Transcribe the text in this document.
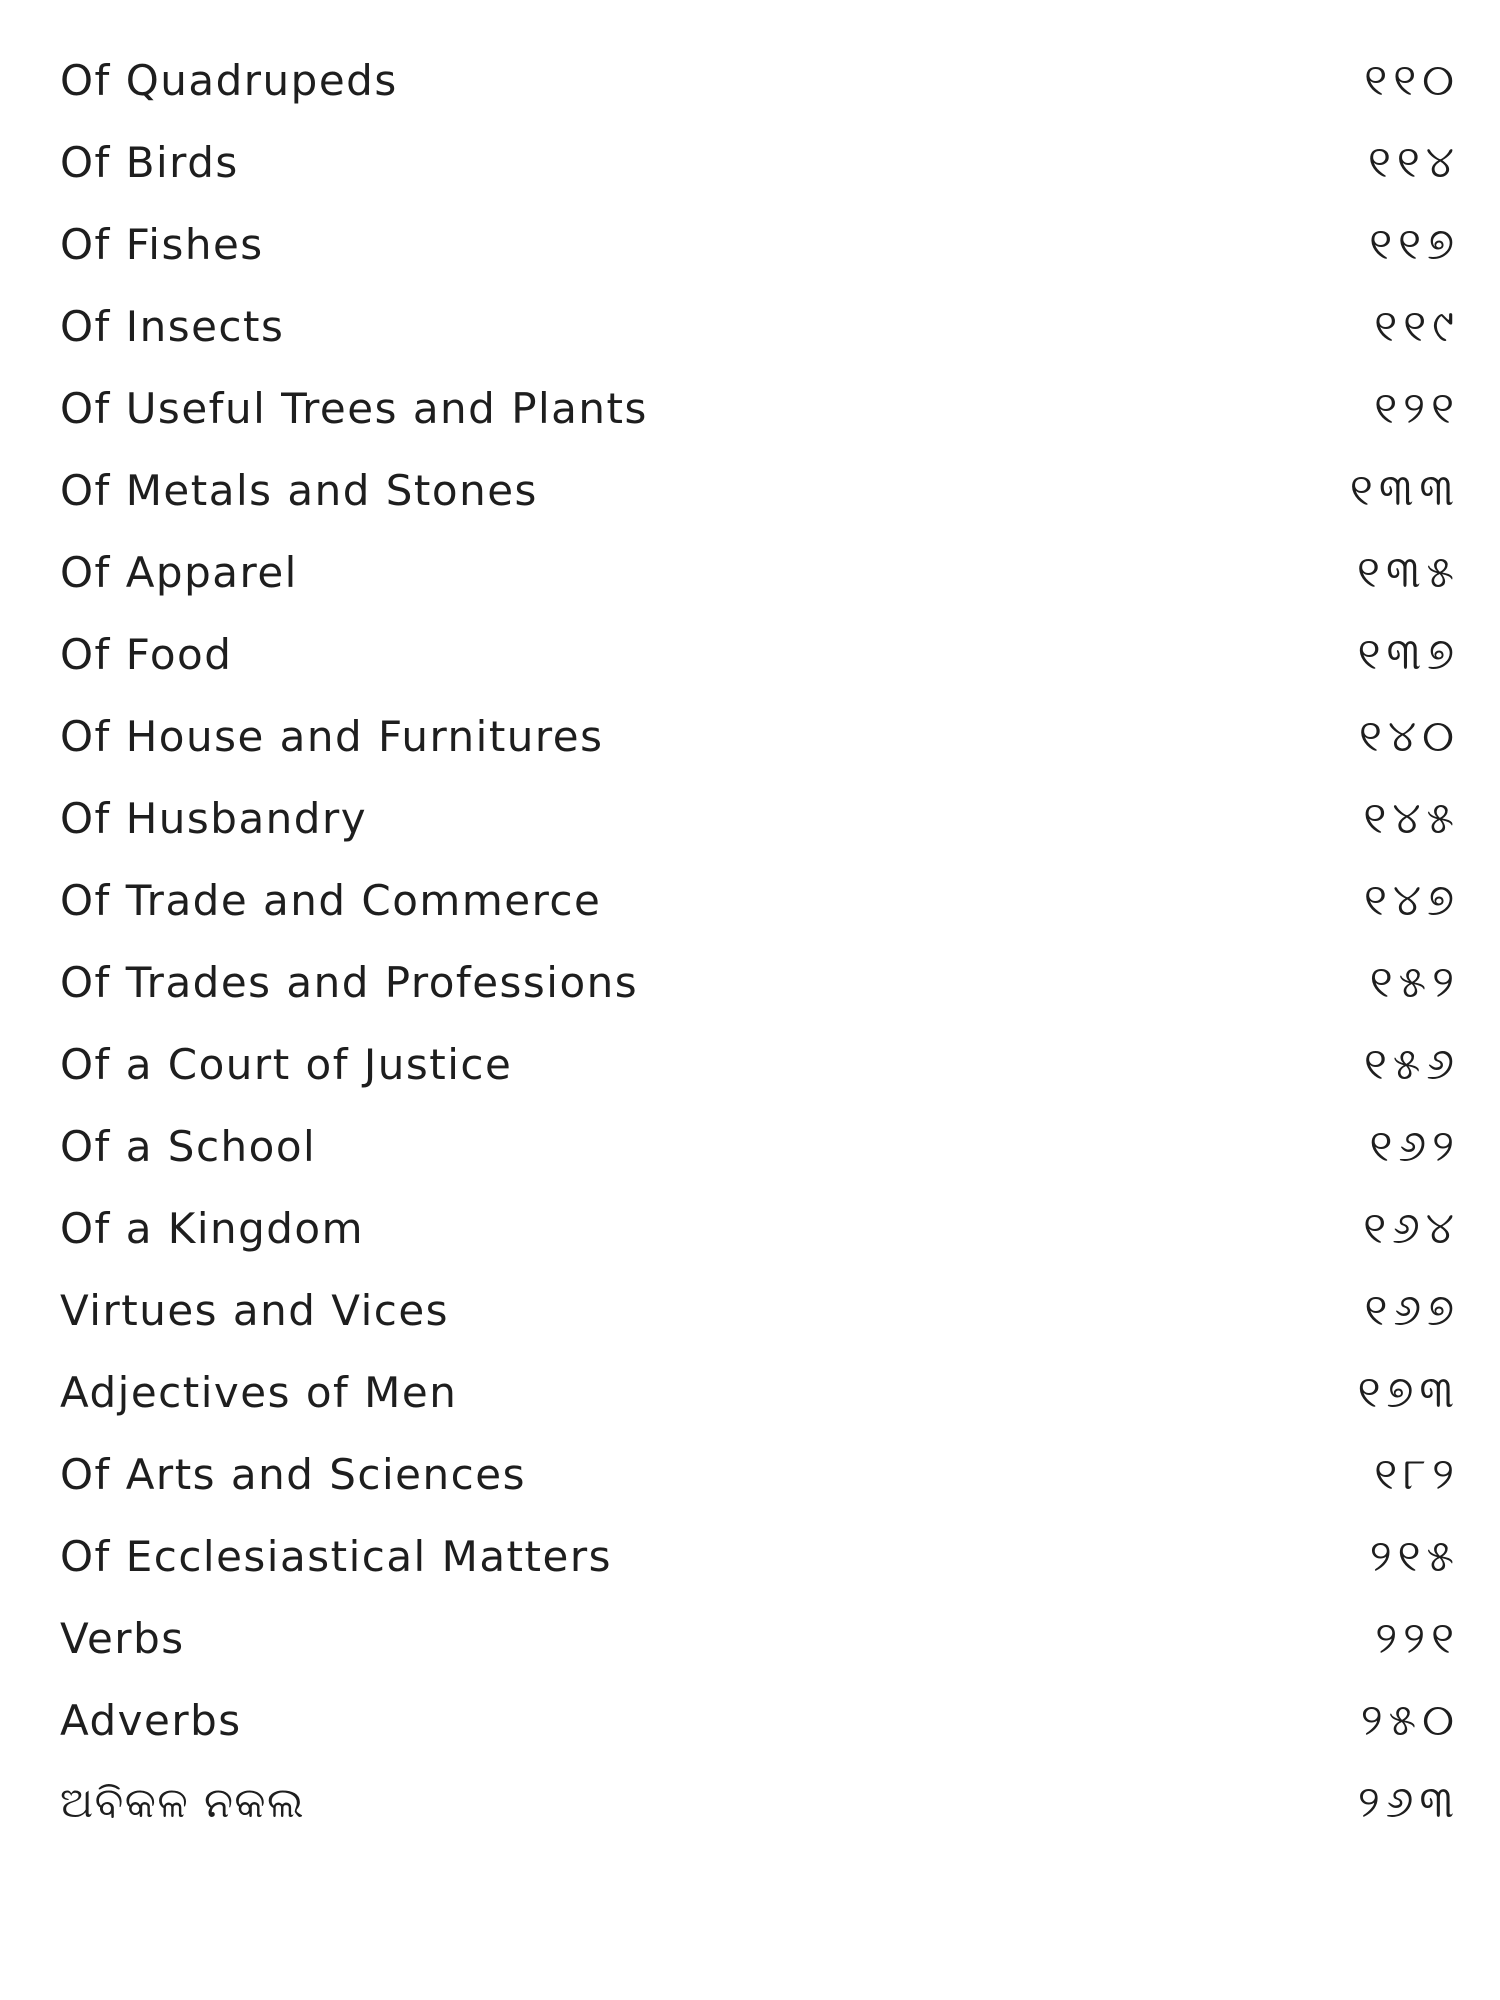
Of Quadrupeds	୧୧୦
Of Birds	୧୧୪
Of Fishes	୧୧୭
Of Insects	୧୧୯
Of Useful Trees and Plants	୧୨୧
Of Metals and Stones	୧୩୩
Of Apparel	୧୩୫
Of Food	୧୩୭
Of House and Furnitures	୧୪୦
Of Husbandry	୧୪୫
Of Trade and Commerce	୧୪୭
Of Trades and Professions	୧୫୨
Of a Court of Justice	୧୫୬
Of a School	୧୬୨
Of a Kingdom	୧୬୪
Virtues and Vices	୧୬୭
Adjectives of Men	୧୭୩
Of Arts and Sciences	୧୮୨
Of Ecclesiastical Matters	୨୧୫
Verbs	୨୨୧
Adverbs	୨୫୦
ଅବିକଳ ନକଲ	୨୬୩
